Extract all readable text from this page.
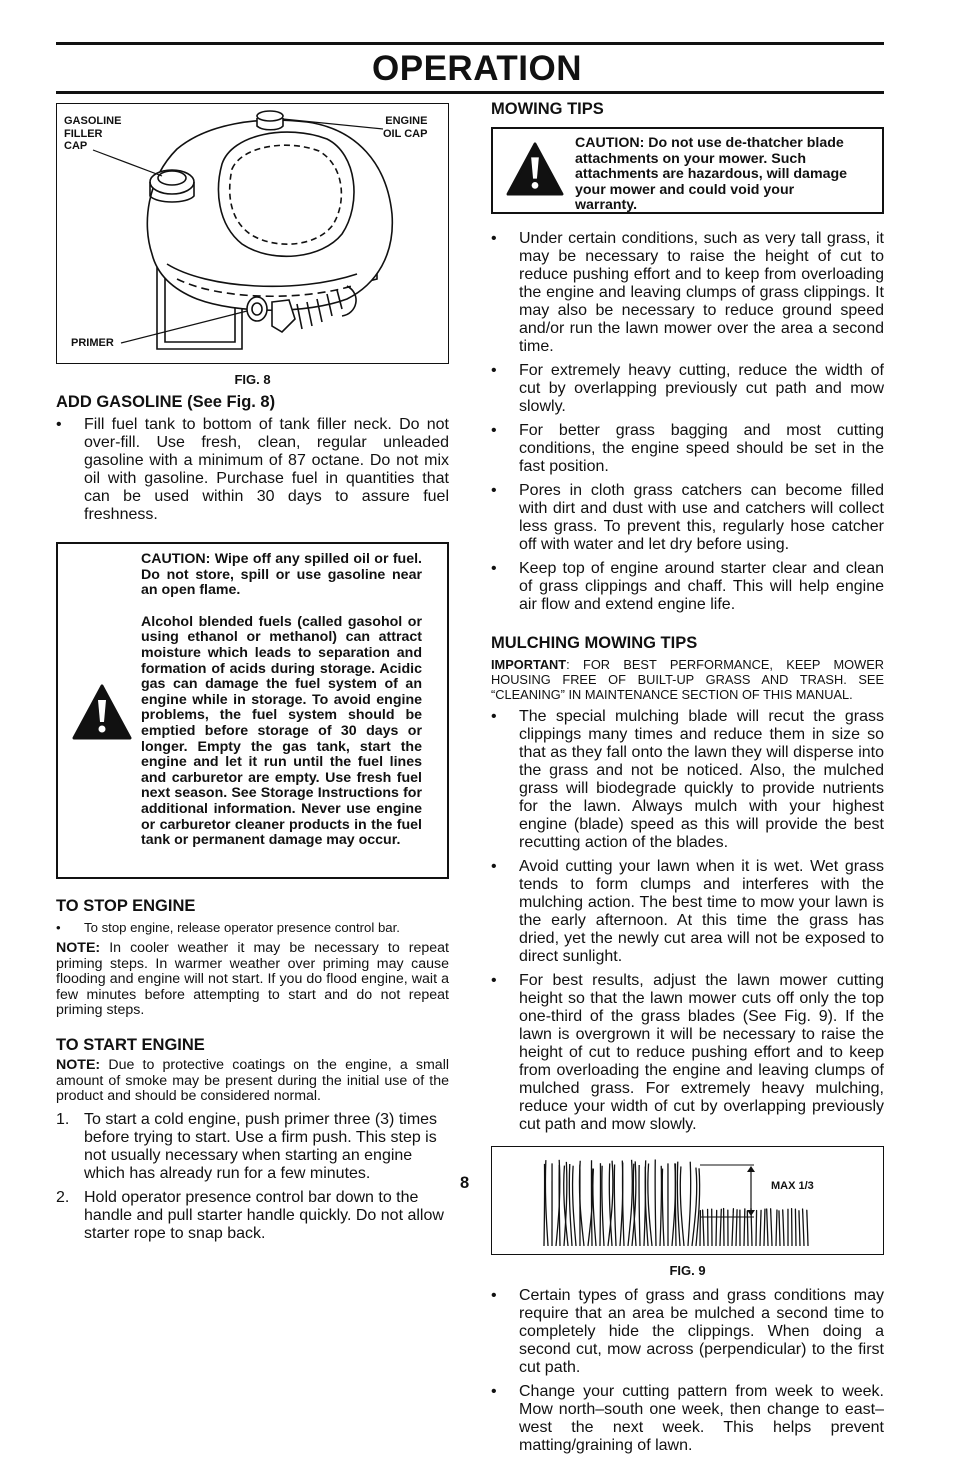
OPERATION
GASOLINE
FILLER
CAP
ENGINE
OIL CAP
PRIMER
FIG. 8
ADD GASOLINE (See Fig. 8)
• Fill fuel tank to bottom of tank filler neck. Do not over-fill. Use fresh, clean, regular unleaded gasoline with a minimum of 87 octane. Do not mix oil with gasoline. Purchase fuel in quantities that can be used within 30 days to assure fuel freshness.
CAUTION: Wipe off any spilled oil or fuel. Do not store, spill or use gasoline near an open flame.
Alcohol blended fuels (called gasohol or using ethanol or methanol) can attract moisture which leads to separation and formation of acids during storage. Acidic gas can damage the fuel system of an engine while in storage. To avoid engine problems, the fuel system should be emptied before storage of 30 days or longer. Empty the gas tank, start the engine and let it run until the fuel lines and carburetor are empty. Use fresh fuel next season. See Storage Instructions for additional information. Never use engine or carburetor cleaner products in the fuel tank or permanent damage may occur.
TO STOP ENGINE
• To stop engine, release operator presence control bar.

NOTE: In cooler weather it may be necessary to repeat priming steps. In warmer weather over priming may cause flooding and engine will not start. If you do flood engine, wait a few minutes before attempting to start and do not repeat priming steps.

TO START ENGINE

NOTE: Due to protective coatings on the engine, a small amount of smoke may be present during the initial use of the product and should be considered normal.

1. To start a cold engine, push primer three (3) times before trying to start. Use a firm push. This step is not usually necessary when starting an engine which has already run for a few minutes.
2. Hold operator presence control bar down to the handle and pull starter handle quickly. Do not allow starter rope to snap back.
MOWING TIPS
CAUTION: Do not use de-thatcher blade attachments on your mower. Such attachments are hazardous, will damage your mower and could void your warranty.
• Under certain conditions, such as very tall grass, it may be necessary to raise the height of cut to reduce pushing effort and to keep from overloading the engine and leaving clumps of grass clippings. It may also be necessary to reduce ground speed and/or run the lawn mower over the area a second time.
• For extremely heavy cutting, reduce the width of cut by overlapping previously cut path and mow slowly.
• For better grass bagging and most cutting conditions, the engine speed should be set in the fast position.
• Pores in cloth grass catchers can become filled with dirt and dust with use and catchers will collect less grass. To prevent this, regularly hose catcher off with water and let dry before using.
• Keep top of engine around starter clear and clean of grass clippings and chaff. This will help engine air flow and extend engine life.
MULCHING MOWING TIPS

IMPORTANT: FOR BEST PERFORMANCE, KEEP MOWER HOUSING FREE OF BUILT-UP GRASS AND TRASH. SEE “CLEANING” IN MAINTENANCE SECTION OF THIS MANUAL.

• The special mulching blade will recut the grass clippings many times and reduce them in size so that as they fall onto the lawn they will disperse into the grass and not be noticed. Also, the mulched grass will biodegrade quickly to provide nutrients for the lawn. Always mulch with your highest engine (blade) speed as this will provide the best recutting action of the blades.
• Avoid cutting your lawn when it is wet. Wet grass tends to form clumps and interferes with the mulching action. The best time to mow your lawn is the early afternoon. At this time the grass has dried, yet the newly cut area will not be exposed to direct sunlight.
• For best results, adjust the lawn mower cutting height so that the lawn mower cuts off only the top one-third of the grass blades (See Fig. 9). If the lawn is overgrown it will be necessary to raise the height of cut to reduce pushing effort and to keep from overloading the engine and leaving clumps of mulched grass. For extremely heavy mulching, reduce your width of cut by overlapping previously cut path and mow slowly.
MAX 1/3
FIG. 9
• Certain types of grass and grass conditions may require that an area be mulched a second time to completely hide the clippings. When doing a second cut, mow across (perpendicular) to the first cut path.
• Change your cutting pattern from week to week. Mow north–south one week, then change to east–west the next week. This helps prevent matting/graining of lawn.
8
